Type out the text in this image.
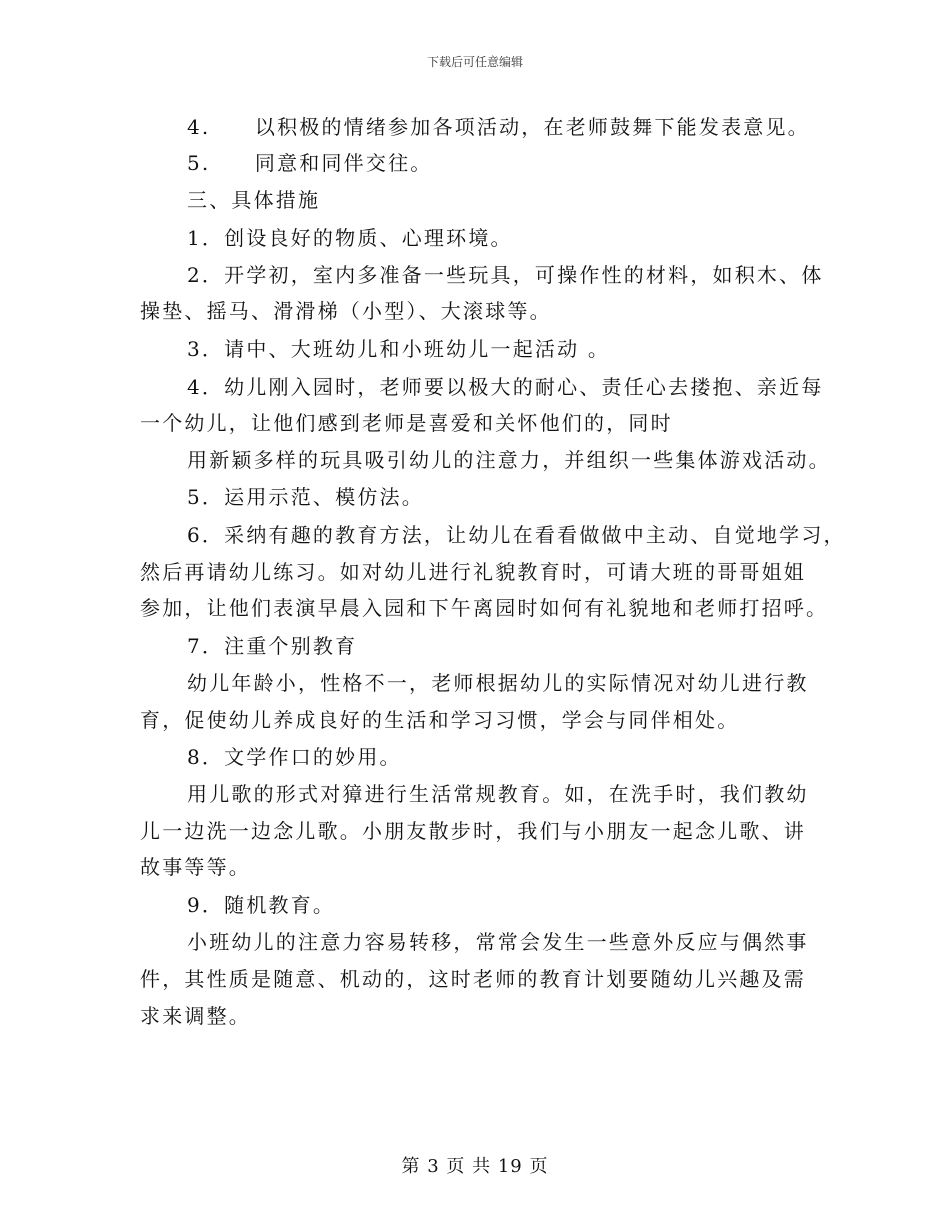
下载后可任意编辑
4.　　以积极的情绪参加各项活动，在老师鼓舞下能发表意见。
5.　　同意和同伴交往。
三、具体措施
1．创设良好的物质、心理环境。
2．开学初，室内多准备一些玩具，可操作性的材料，如积木、体
操垫、摇马、滑滑梯（小型）、大滚球等。
3．请中、大班幼儿和小班幼儿一起活动 。
4．幼儿刚入园时，老师要以极大的耐心、责任心去搂抱、亲近每
一个幼儿，让他们感到老师是喜爱和关怀他们的，同时
用新颖多样的玩具吸引幼儿的注意力，并组织一些集体游戏活动。
5．运用示范、模仿法。
6．采纳有趣的教育方法，让幼儿在看看做做中主动、自觉地学习，
然后再请幼儿练习。如对幼儿进行礼貌教育时，可请大班的哥哥姐姐
参加，让他们表演早晨入园和下午离园时如何有礼貌地和老师打招呼。
7．注重个别教育
幼儿年龄小，性格不一，老师根据幼儿的实际情况对幼儿进行教
育，促使幼儿养成良好的生活和学习习惯，学会与同伴相处。
8．文学作口的妙用。
用儿歌的形式对獐进行生活常规教育。如，在洗手时，我们教幼
儿一边洗一边念儿歌。小朋友散步时，我们与小朋友一起念儿歌、讲
故事等等。
9．随机教育。
小班幼儿的注意力容易转移，常常会发生一些意外反应与偶然事
件，其性质是随意、机动的，这时老师的教育计划要随幼儿兴趣及需
求来调整。
第 3 页 共 19 页
